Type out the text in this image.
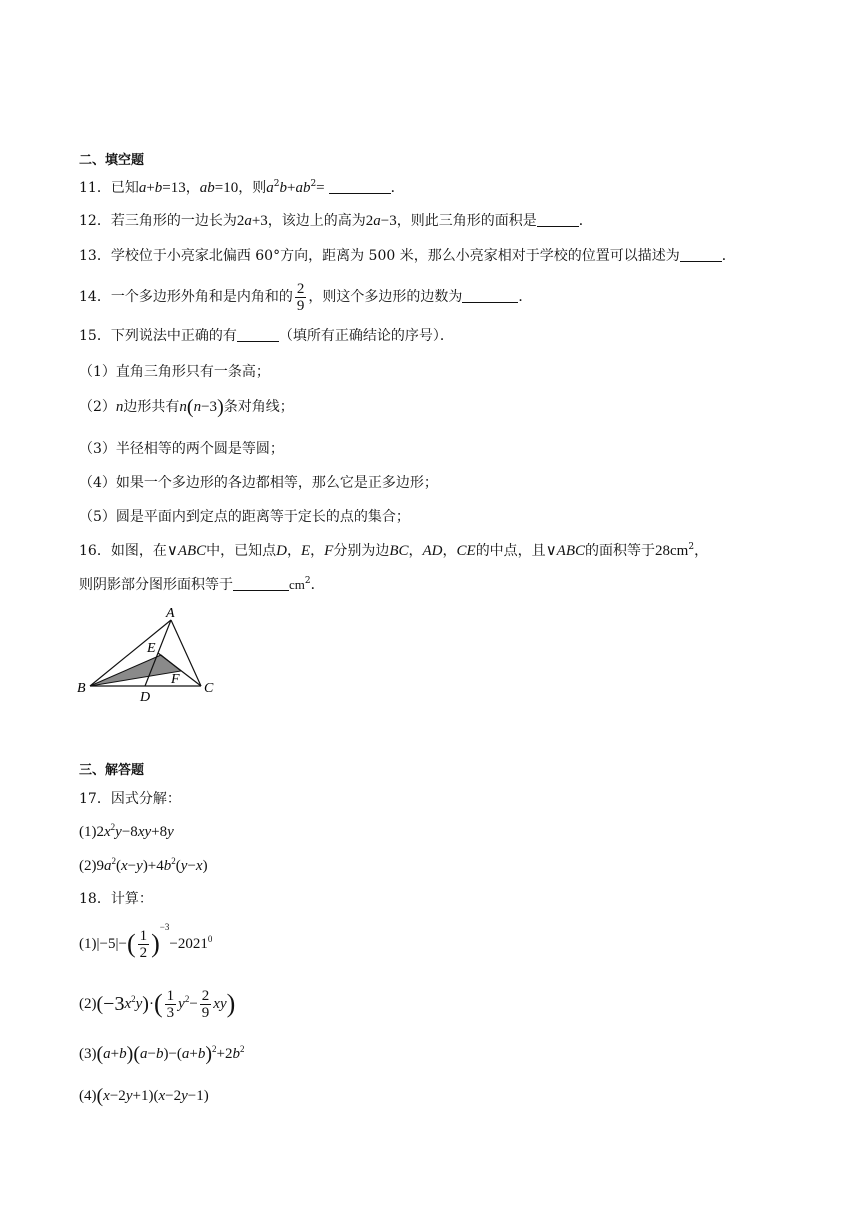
二、填空题
11．已知a+b=13，ab=10，则$a^2b+ab^2=$	．
12．若三角形的一边长为2a+3，该边上的高为2a−3，则此三角形的面积是	．
13．学校位于小亮家北偏西 60°方向，距离为 500 米，那么小亮家相对于学校的位置可以描述为	．
14．一个多边形外角和是内角和的 $\frac{2}{9}$ ，则这个多边形的边数为	．
15．下列说法中正确的有	（填所有正确结论的序号）．
（1）直角三角形只有一条高；
（2）n边形共有n(n−3)条对角线；
（3）半径相等的两个圆是等圆；
（4）如果一个多边形的各边都相等，那么它是正多边形；
（5）圆是平面内到定点的距离等于定长的点的集合；
16．如图，在∨ABC中，已知点D，E，F分别为边BC，AD，CE的中点，且∨ABC的面积等于$28cm^2$，
则阴影部分图形面积等于	$cm^2$．
A
B	C
D
E
F
三、解答题
17．因式分解：
$(1)2x^2y-8xy+8y$
$(2)9a^2(x-y)+4b^2(y-x)$
18．计算：
$(1)|-5|-( \frac{1}{2} )^{-3}-2021^0$
$(2)(-3x^2y)\cdot( \frac{1}{3} y^2- \frac{2}{9} xy)$
$(3)(a+b)(a-b)-(a+b)^2+2b^2$
(4)(x−2y+1)(x−2y−1)
